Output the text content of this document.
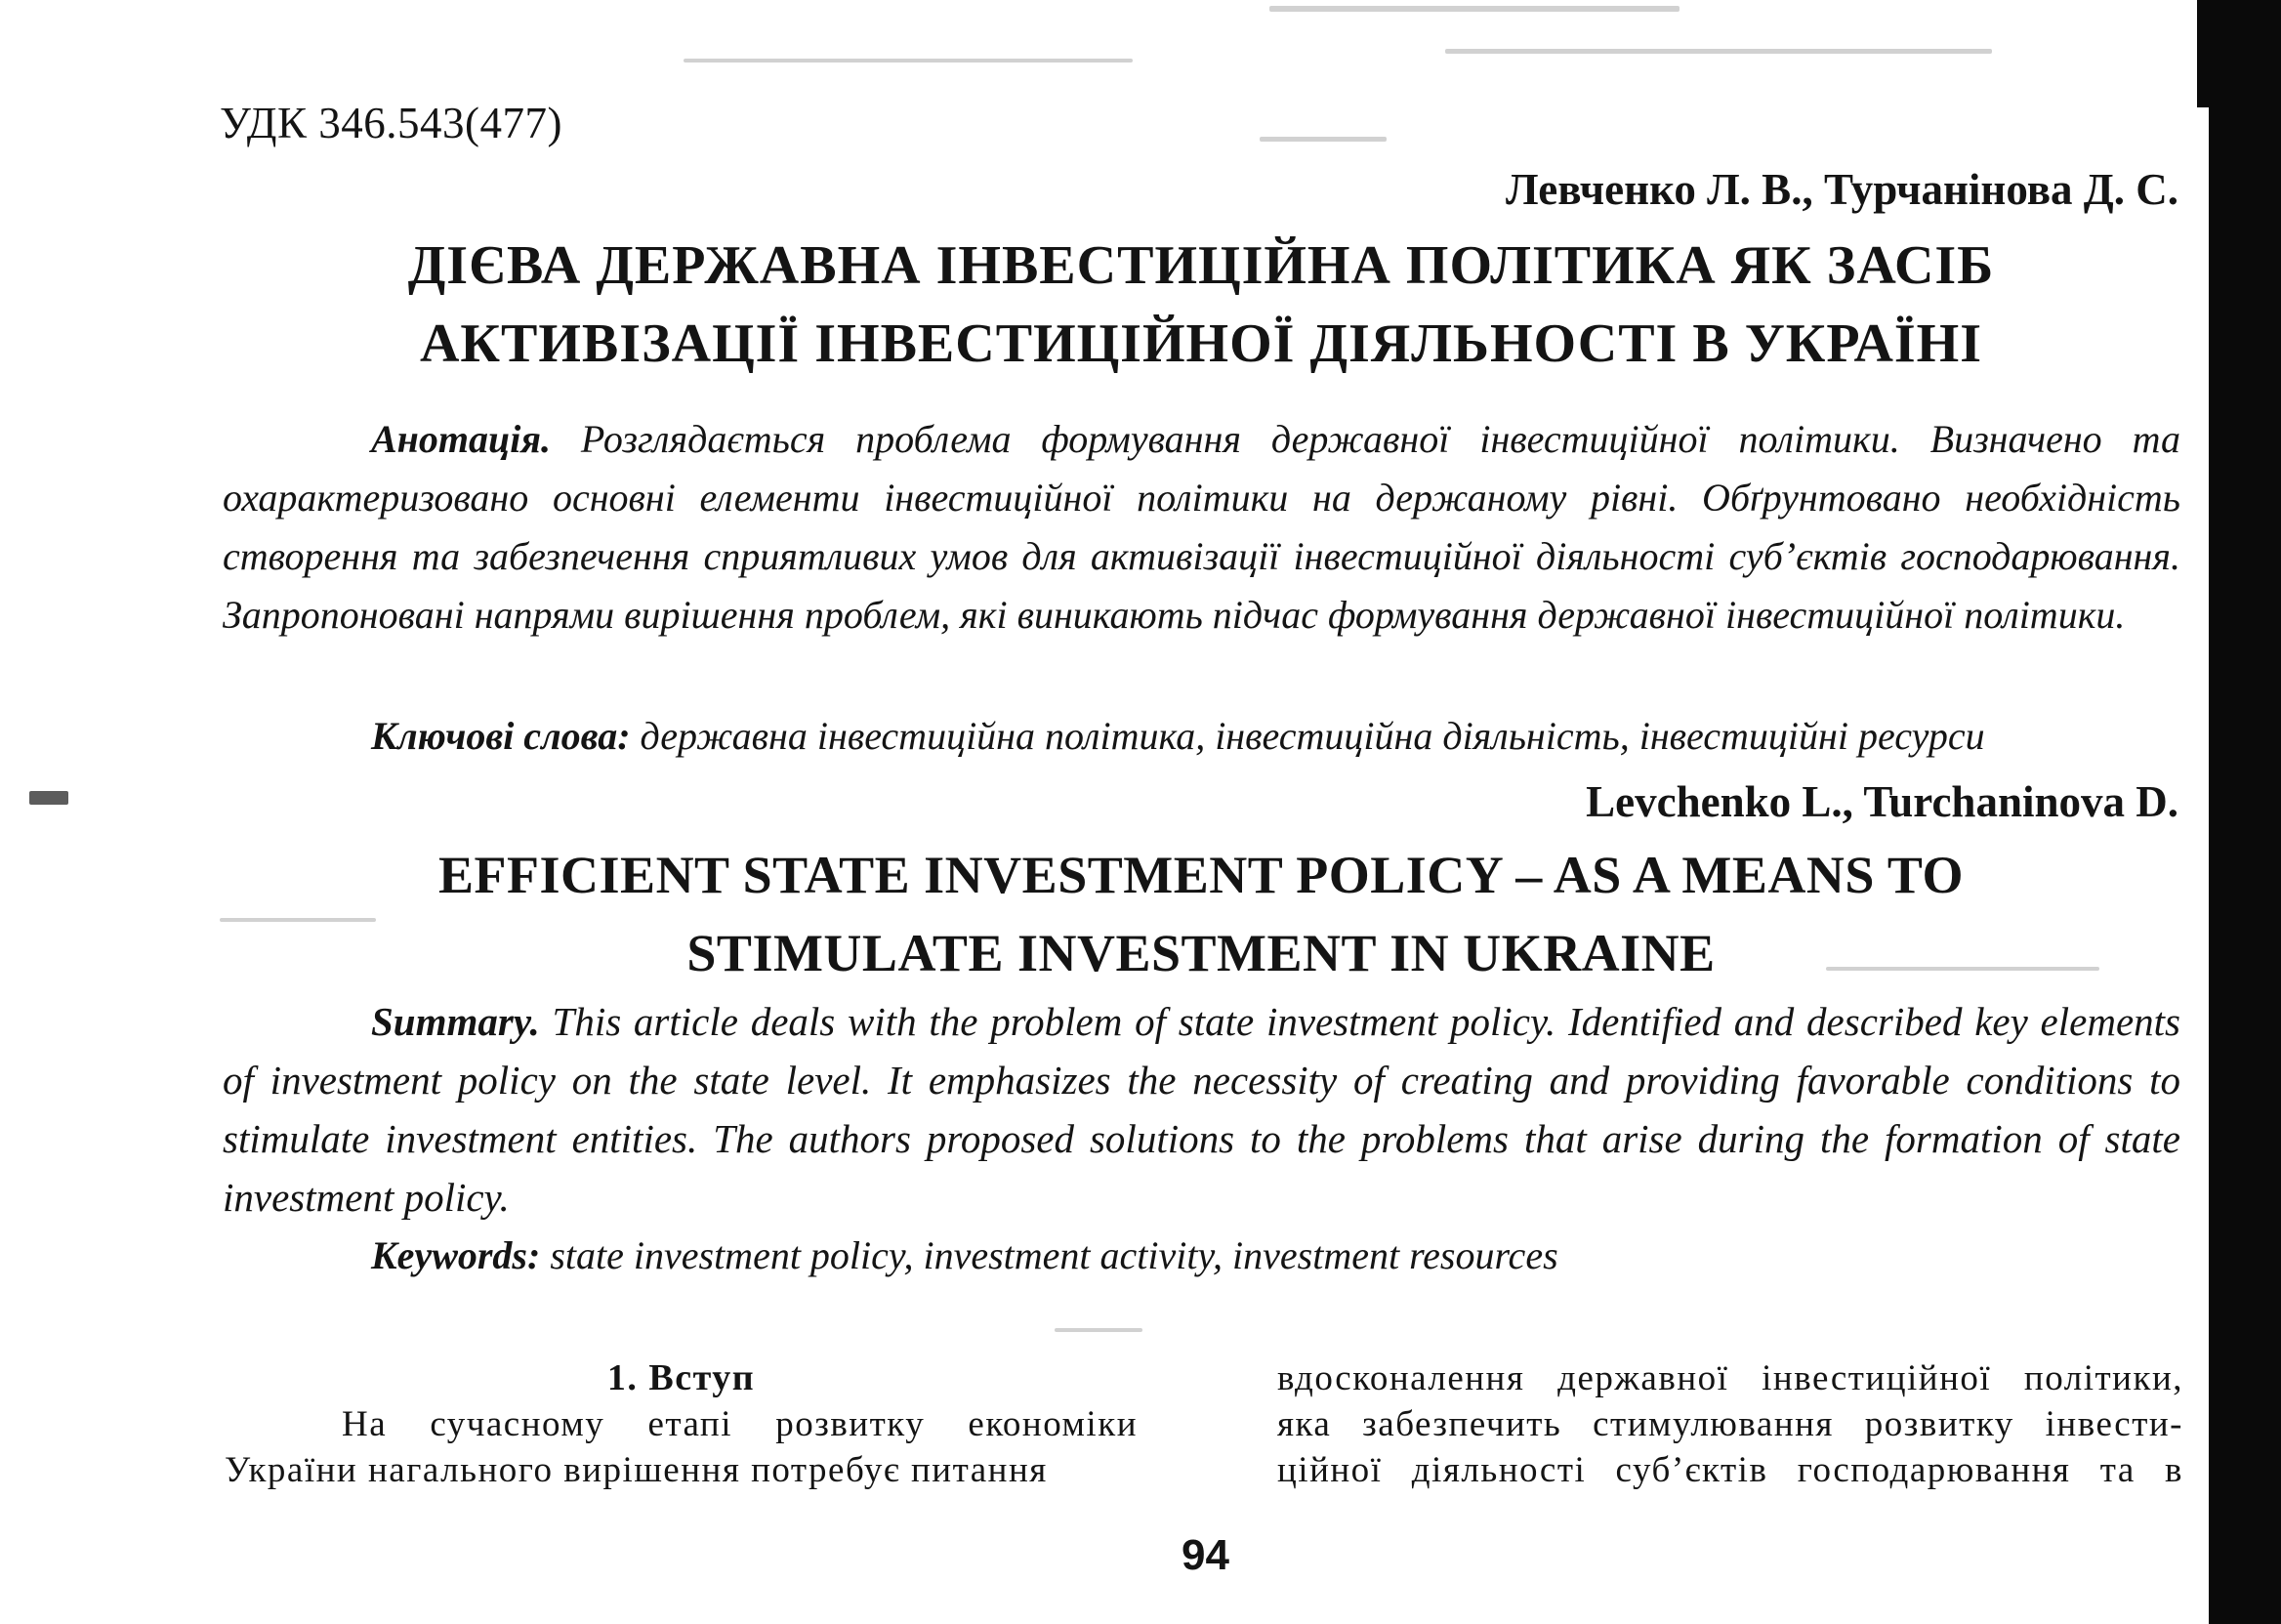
УДК 346.543(477)
Левченко Л. В., Турчанінова Д. С.
ДІЄВА ДЕРЖАВНА ІНВЕСТИЦІЙНА ПОЛІТИКА ЯК ЗАСІБ
АКТИВІЗАЦІЇ ІНВЕСТИЦІЙНОЇ ДІЯЛЬНОСТІ В УКРАЇНІ
Анотація. Розглядається проблема формування державної інвестиційної політики. Визначено та охарактеризовано основні елементи інвестиційної політики на держаному рівні. Обґрунтовано необхідність створення та забезпечення сприятливих умов для активізації інвестиційної діяльності суб’єктів господарювання. Запропоновані напрями вирішення проблем, які виникають підчас формування державної інвестиційної політики.
Ключові слова: державна інвестиційна політика, інвестиційна діяльність, інвестиційні ресурси
Levchenko L., Turchaninova D.
EFFICIENT STATE INVESTMENT POLICY – AS A MEANS TO
STIMULATE INVESTMENT IN UKRAINE
Summary. This article deals with the problem of state investment policy. Identified and described key elements of investment policy on the state level. It emphasizes the necessity of creating and providing favorable conditions to stimulate investment entities. The authors proposed solutions to the problems that arise during the formation of state investment policy.
Keywords: state investment policy, investment activity, investment resources

1. Вступ

На сучасному етапі розвитку економіки України нагального вирішення потребує питання

вдосконалення державної інвестиційної політики,
яка забезпечить стимулювання розвитку інвести-
ційної діяльності суб’єктів господарювання та в
94
